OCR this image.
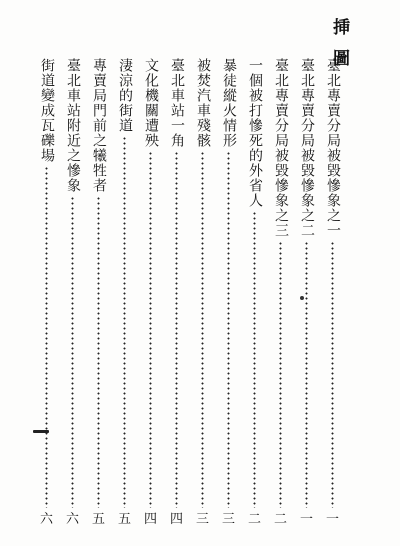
挿圖
臺北專賣分局被毀慘象之一
一
臺北專賣分局被毀慘象之二
一
臺北專賣分局被毀慘象之三
二
一個被打慘死的外省人
二
暴徒縱火情形
三
被焚汽車殘骸
三
臺北車站一角
四
文化機關遭殃
四
淒涼的街道
五
專賣局門前之犧牲者
五
臺北車站附近之慘象
六
街道變成瓦礫場
六
